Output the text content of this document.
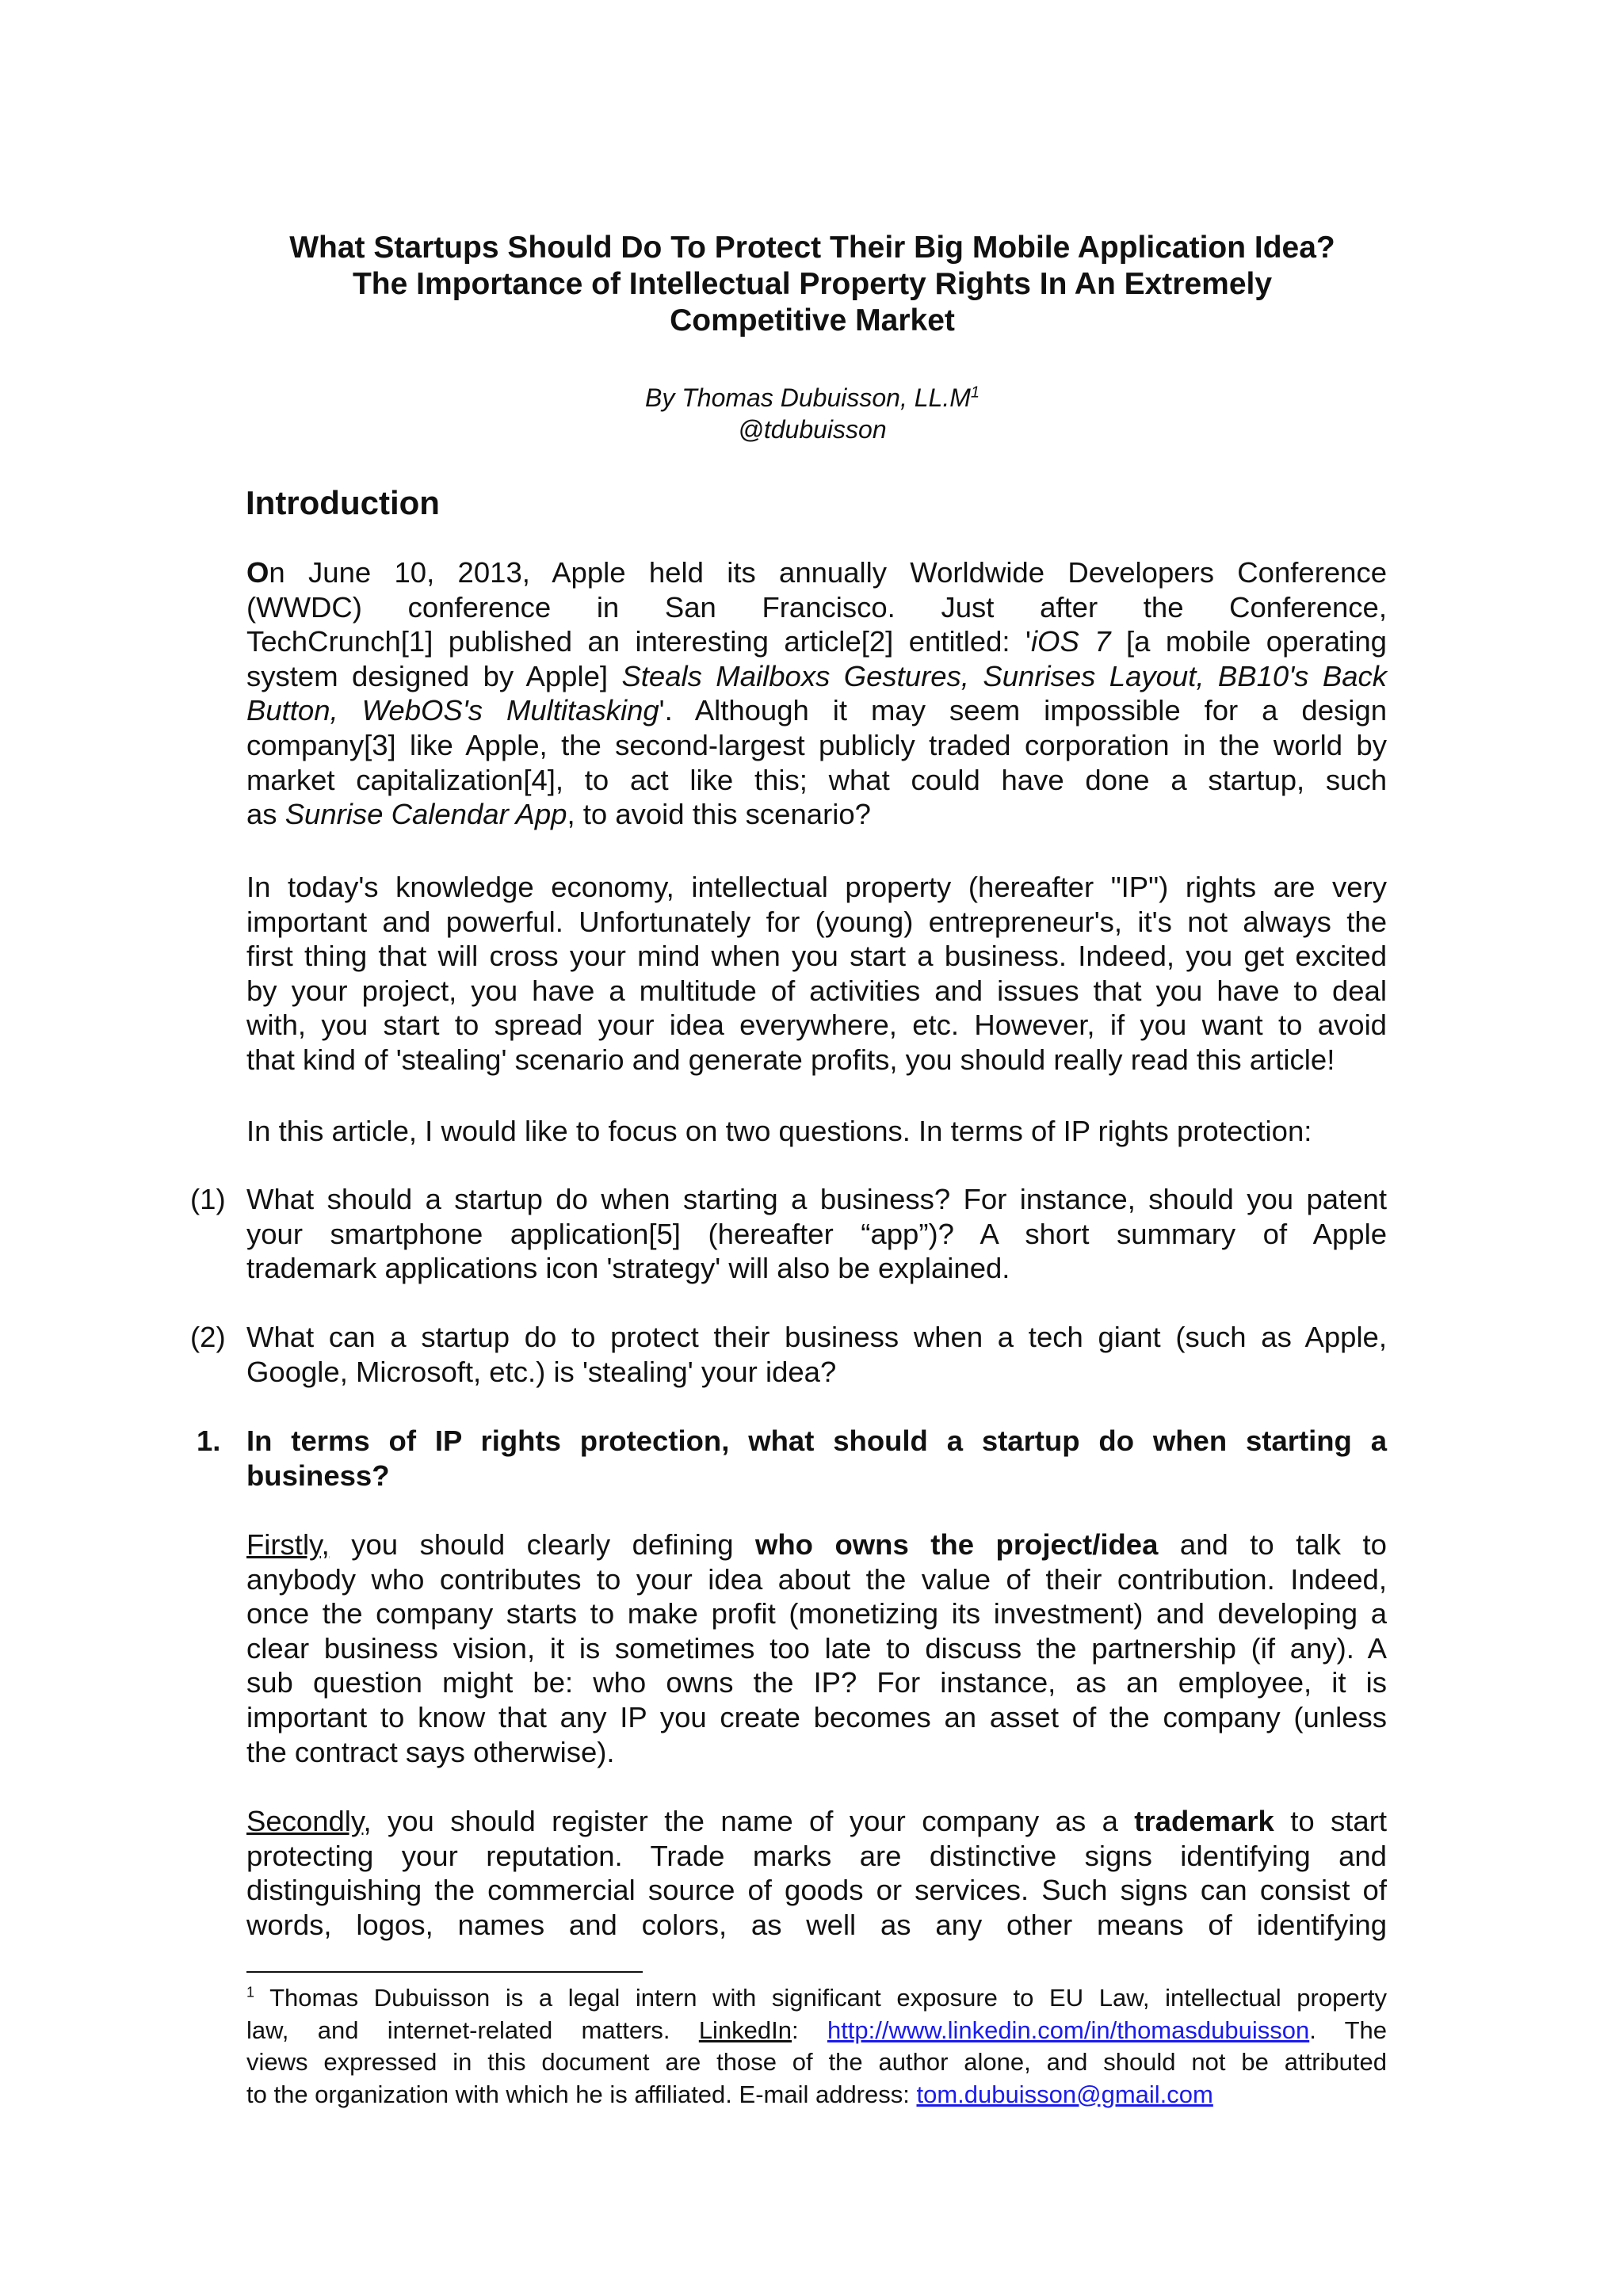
What Startups Should Do To Protect Their Big Mobile Application Idea?
The Importance of Intellectual Property Rights In An Extremely
Competitive Market
By Thomas Dubuisson, $LL.M^1$
@tdubuisson
Introduction
On June 10, 2013, Apple held its annually Worldwide Developers Conference
(WWDC) conference in San Francisco. Just after the Conference,
TechCrunch[1] published an interesting article[2] entitled: 'iOS 7 [a mobile operating
system designed by Apple] Steals Mailboxs Gestures, Sunrises Layout, BB10's Back
Button, WebOS's Multitasking'. Although it may seem impossible for a design
company[3] like Apple, the second-largest publicly traded corporation in the world by
market capitalization[4], to act like this; what could have done a startup, such
as Sunrise Calendar App, to avoid this scenario?
In today's knowledge economy, intellectual property (hereafter "IP") rights are very
important and powerful. Unfortunately for (young) entrepreneur's, it's not always the
first thing that will cross your mind when you start a business. Indeed, you get excited
by your project, you have a multitude of activities and issues that you have to deal
with, you start to spread your idea everywhere, etc. However, if you want to avoid
that kind of 'stealing' scenario and generate profits, you should really read this article!
In this article, I would like to focus on two questions. In terms of IP rights protection:
(1) What should a startup do when starting a business? For instance, should you patent
your smartphone application[5] (hereafter “app”)? A short summary of Apple
trademark applications icon 'strategy' will also be explained.
(2) What can a startup do to protect their business when a tech giant (such as Apple,
Google, Microsoft, etc.) is 'stealing' your idea?
1. In terms of IP rights protection, what should a startup do when starting a
business?
Firstly, you should clearly defining who owns the project/idea and to talk to
anybody who contributes to your idea about the value of their contribution. Indeed,
once the company starts to make profit (monetizing its investment) and developing a
clear business vision, it is sometimes too late to discuss the partnership (if any). A
sub question might be: who owns the IP? For instance, as an employee, it is
important to know that any IP you create becomes an asset of the company (unless
the contract says otherwise).
Secondly, you should register the name of your company as a trademark to start
protecting your reputation. Trade marks are distinctive signs identifying and
distinguishing the commercial source of goods or services. Such signs can consist of
words, logos, names and colors, as well as any other means of identifying
$^1$ Thomas Dubuisson is a legal intern with significant exposure to EU Law, intellectual property
law, and internet-related matters. LinkedIn: http://www.linkedin.com/in/thomasdubuisson. The
views expressed in this document are those of the author alone, and should not be attributed
to the organization with which he is affiliated. E-mail address: tom.dubuisson@gmail.com
